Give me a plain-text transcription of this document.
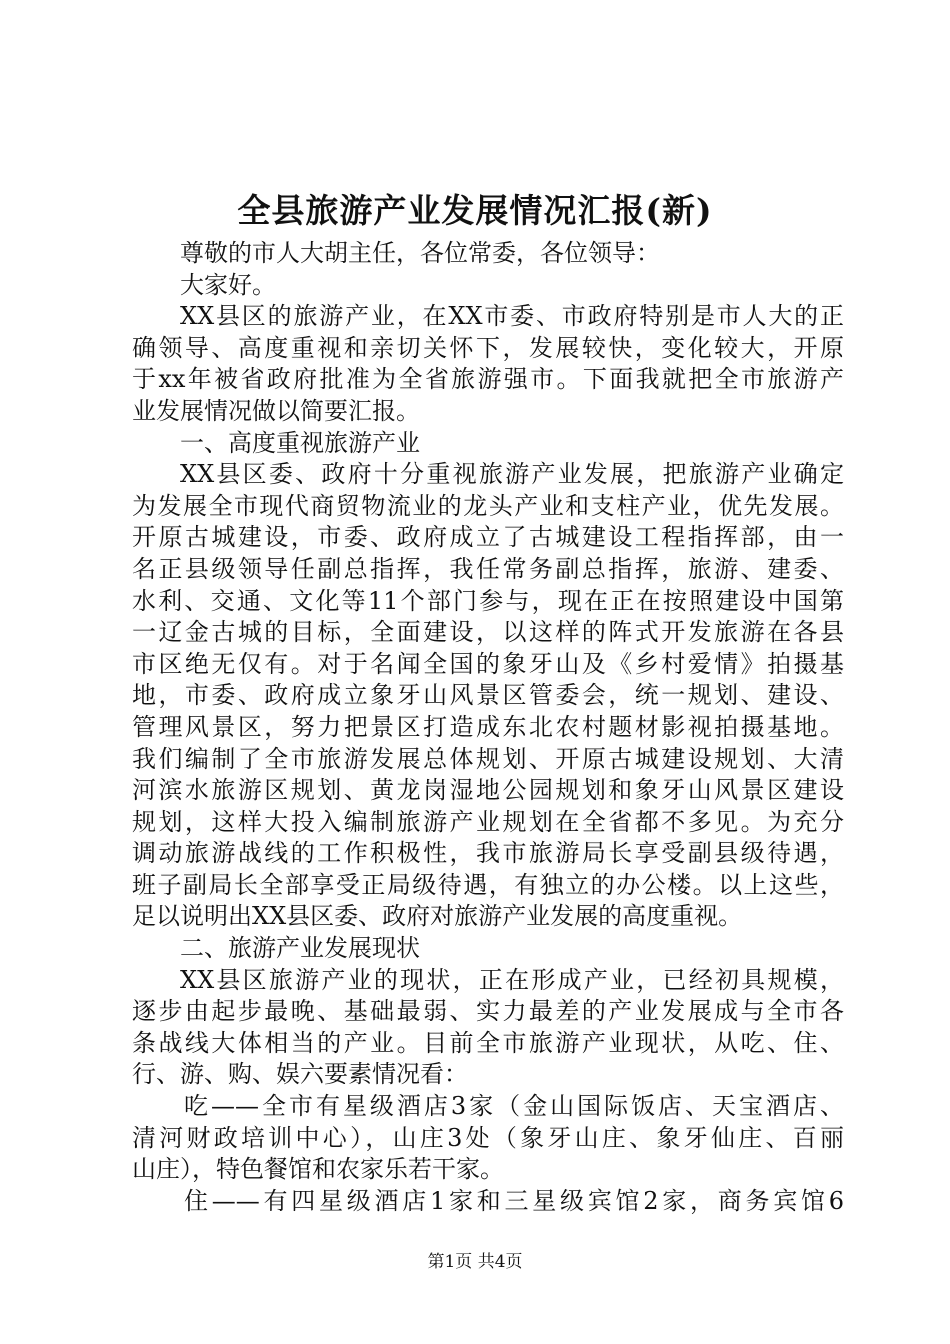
全县旅游产业发展情况汇报(新)
尊敬的市人大胡主任，各位常委，各位领导：
大家好。
XX县区的旅游产业，在XX市委、市政府特别是市人大的正
确领导、高度重视和亲切关怀下，发展较快，变化较大，开原
于xx年被省政府批准为全省旅游强市。下面我就把全市旅游产
业发展情况做以简要汇报。
一、高度重视旅游产业
XX县区委、政府十分重视旅游产业发展，把旅游产业确定
为发展全市现代商贸物流业的龙头产业和支柱产业，优先发展。
开原古城建设，市委、政府成立了古城建设工程指挥部，由一
名正县级领导任副总指挥，我任常务副总指挥，旅游、建委、
水利、交通、文化等11个部门参与，现在正在按照建设中国第
一辽金古城的目标，全面建设，以这样的阵式开发旅游在各县
市区绝无仅有。对于名闻全国的象牙山及《乡村爱情》拍摄基
地，市委、政府成立象牙山风景区管委会，统一规划、建设、
管理风景区，努力把景区打造成东北农村题材影视拍摄基地。
我们编制了全市旅游发展总体规划、开原古城建设规划、大清
河滨水旅游区规划、黄龙岗湿地公园规划和象牙山风景区建设
规划，这样大投入编制旅游产业规划在全省都不多见。为充分
调动旅游战线的工作积极性，我市旅游局长享受副县级待遇，
班子副局长全部享受正局级待遇，有独立的办公楼。以上这些，
足以说明出XX县区委、政府对旅游产业发展的高度重视。
二、旅游产业发展现状
XX县区旅游产业的现状，正在形成产业，已经初具规模，
逐步由起步最晚、基础最弱、实力最差的产业发展成与全市各
条战线大体相当的产业。目前全市旅游产业现状，从吃、住、
行、游、购、娱六要素情况看：
吃——全市有星级酒店3家（金山国际饭店、天宝酒店、
清河财政培训中心），山庄3处（象牙山庄、象牙仙庄、百丽
山庄），特色餐馆和农家乐若干家。
住——有四星级酒店1家和三星级宾馆2家，商务宾馆6
第1页 共4页
